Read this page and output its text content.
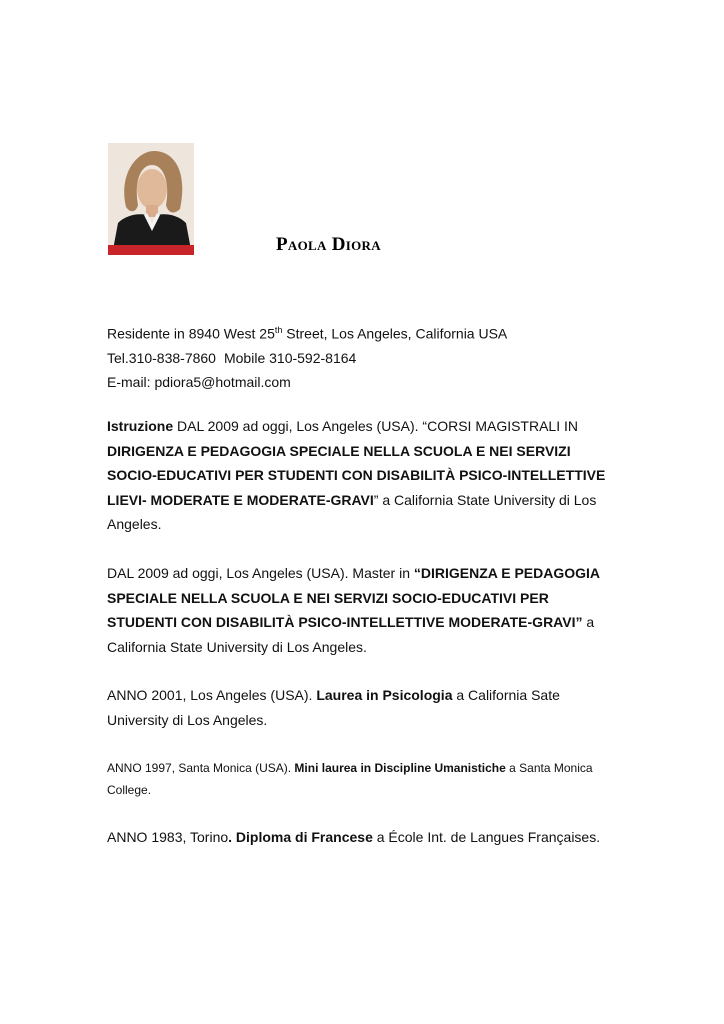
Paola Diora

Residente in 8940 West 25th Street, Los Angeles, California USA

Tel.310-838-7860 Mobile 310-592-8164

E-mail: pdiora5@hotmail.com

Istruzione DAL 2009 ad oggi, Los Angeles (USA). “CORSI MAGISTRALI IN DIRIGENZA E PEDAGOGIA SPECIALE NELLA SCUOLA E NEI SERVIZI SOCIO-EDUCATIVI PER STUDENTI CON DISABILITÀ PSICO-INTELLETTIVE LIEVI- MODERATE E MODERATE-GRAVI” a California State University di Los Angeles.

DAL 2009 ad oggi, Los Angeles (USA). Master in “DIRIGENZA E PEDAGOGIA SPECIALE NELLA SCUOLA E NEI SERVIZI SOCIO-EDUCATIVI PER STUDENTI CON DISABILITÀ PSICO-INTELLETTIVE MODERATE-GRAVI” a California State University di Los Angeles.

ANNO 2001, Los Angeles (USA). Laurea in Psicologia a California Sate University di Los Angeles.

ANNO 1997, Santa Monica (USA). Mini laurea in Discipline Umanistiche a Santa Monica College.

ANNO 1983, Torino. Diploma di Francese a École Int. de Langues Françaises.
